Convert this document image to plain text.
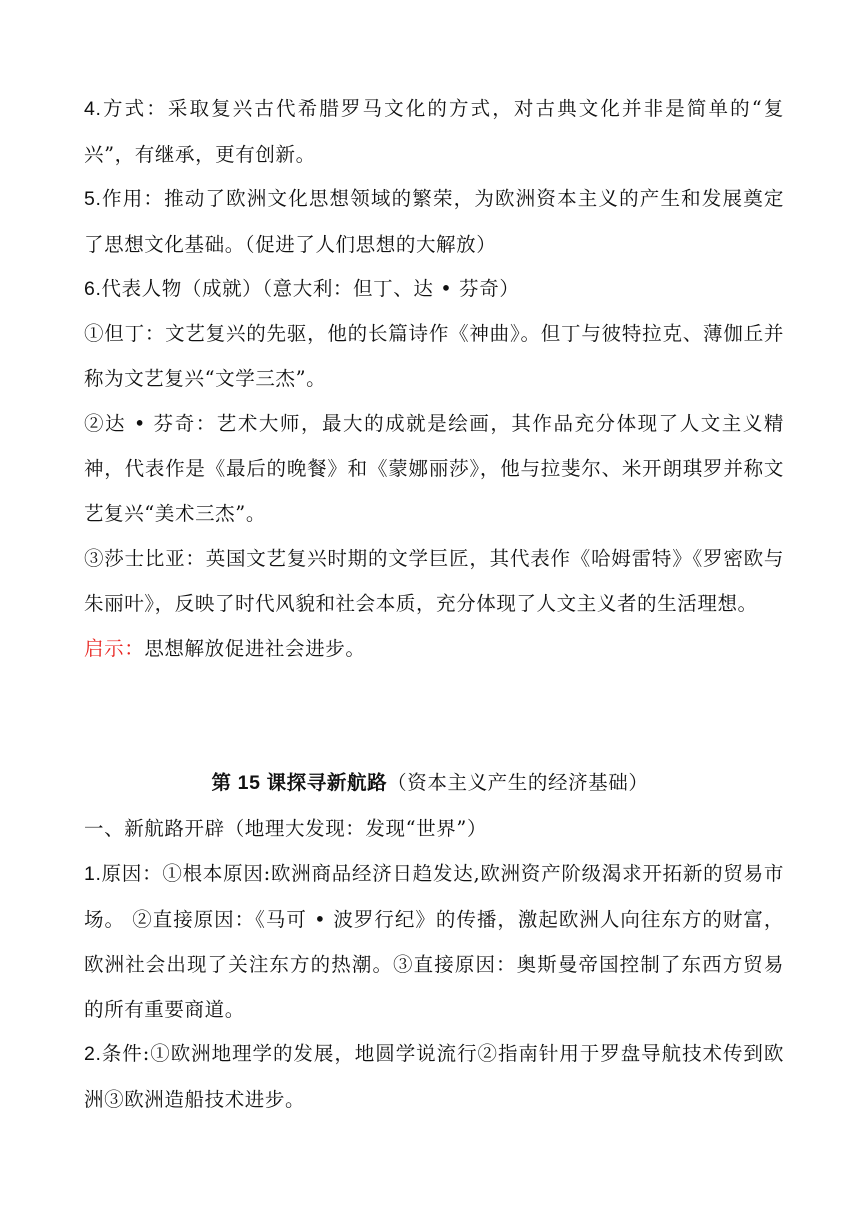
4.方式：采取复兴古代希腊罗马文化的方式，对古典文化并非是简单的“复兴”，有继承，更有创新。

5.作用：推动了欧洲文化思想领域的繁荣，为欧洲资本主义的产生和发展奠定了思想文化基础。（促进了人们思想的大解放）

6.代表人物（成就）（意大利：但丁、达 • 芬奇）

①但丁：文艺复兴的先驱，他的长篇诗作《神曲》。但丁与彼特拉克、薄伽丘并称为文艺复兴“文学三杰”。

②达 • 芬奇：艺术大师，最大的成就是绘画，其作品充分体现了人文主义精神，代表作是《最后的晚餐》和《蒙娜丽莎》，他与拉斐尔、米开朗琪罗并称文艺复兴“美术三杰”。

③莎士比亚：英国文艺复兴时期的文学巨匠，其代表作《哈姆雷特》《罗密欧与朱丽叶》，反映了时代风貌和社会本质，充分体现了人文主义者的生活理想。

启示：思想解放促进社会进步。

第 15 课探寻新航路（资本主义产生的经济基础）

一、新航路开辟（地理大发现：发现“世界”）

1.原因：①根本原因:欧洲商品经济日趋发达,欧洲资产阶级渴求开拓新的贸易市场。 ②直接原因：《马可 • 波罗行纪》的传播，激起欧洲人向往东方的财富，欧洲社会出现了关注东方的热潮。③直接原因：奥斯曼帝国控制了东西方贸易的所有重要商道。

2.条件:①欧洲地理学的发展，地圆学说流行②指南针用于罗盘导航技术传到欧洲③欧洲造船技术进步。
